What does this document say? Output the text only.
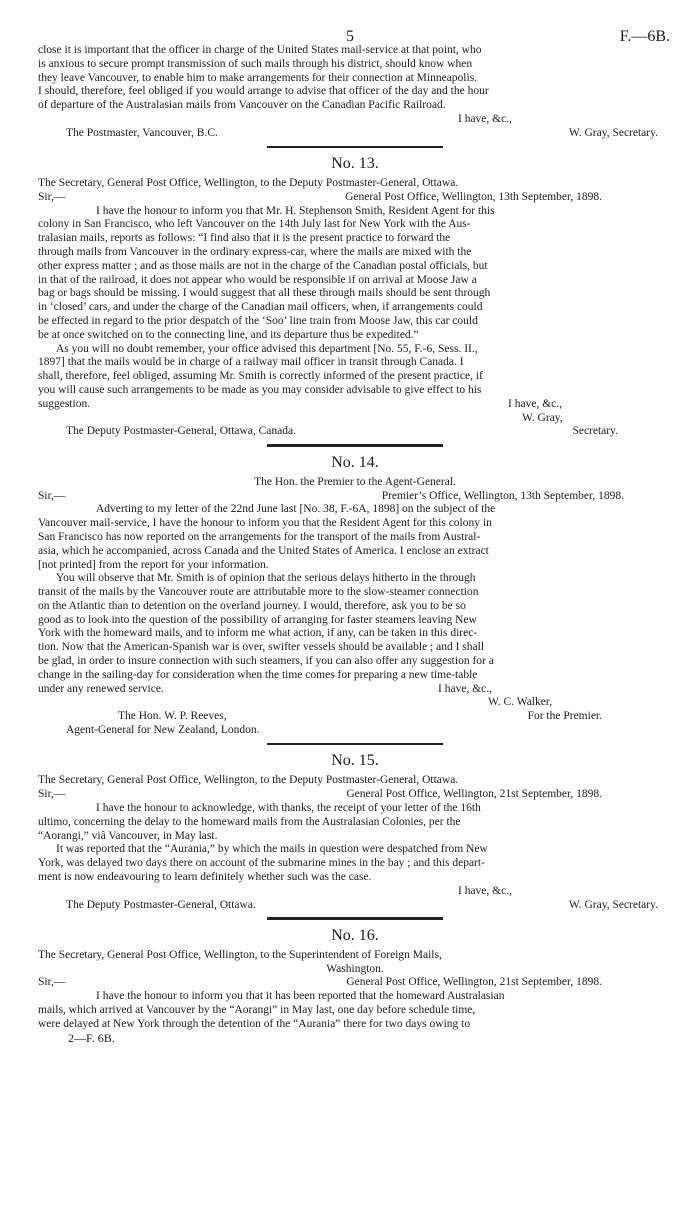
5	F.—6B.

close it is important that the officer in charge of the United States mail-service at that point, who

is anxious to secure prompt transmission of such mails through his district, should know when

they leave Vancouver, to enable him to make arrangements for their connection at Minneapolis.

I should, therefore, feel obliged if you would arrange to advise that officer of the day and the hour

of departure of the Australasian mails from Vancouver on the Canadian Pacific Railroad.

I have, &c.,
The Postmaster, Vancouver, B.C.	W. Gray, Secretary.
No. 13.

The Secretary, General Post Office, Wellington, to the Deputy Postmaster-General, Ottawa.

Sir,—	General Post Office, Wellington, 13th September, 1898.

I have the honour to inform you that Mr. H. Stephenson Smith, Resident Agent for this

colony in San Francisco, who left Vancouver on the 14th July last for New York with the Aus-

tralasian mails, reports as follows: “I find also that it is the present practice to forward the

through mails from Vancouver in the ordinary express-car, where the mails are mixed with the

other express matter ; and as those mails are not in the charge of the Canadian postal officials, but

in that of the railroad, it does not appear who would be responsible if on arrival at Moose Jaw a

bag or bags should be missing. I would suggest that all these through mails should be sent through

in ‘closed’ cars, and under the charge of the Canadian mail officers, when, if arrangements could

be effected in regard to the prior despatch of the ‘Soo’ line train from Moose Jaw, this car could

be at once switched on to the connecting line, and its departure thus be expedited.”

As you will no doubt remember, your office advised this department [No. 55, F.-6, Sess. II.,

1897] that the mails would be in charge of a railway mail officer in transit through Canada. I

shall, therefore, feel obliged, assuming Mr. Smith is correctly informed of the present practice, if

you will cause such arrangements to be made as you may consider advisable to give effect to his

suggestion.	I have, &c.,
W. Gray,
The Deputy Postmaster-General, Ottawa, Canada.	Secretary.
No. 14.
The Hon. the Premier to the Agent-General.
Sir,—	Premier’s Office, Wellington, 13th September, 1898.

Adverting to my letter of the 22nd June last [No. 38, F.-6A, 1898] on the subject of the

Vancouver mail-service, I have the honour to inform you that the Resident Agent for this colony in

San Francisco has now reported on the arrangements for the transport of the mails from Austral-

asia, which he accompanied, across Canada and the United States of America. I enclose an extract

[not printed] from the report for your information.

You will observe that Mr. Smith is of opinion that the serious delays hitherto in the through

transit of the mails by the Vancouver route are attributable more to the slow-steamer connection

on the Atlantic than to detention on the overland journey. I would, therefore, ask you to be so

good as to look into the question of the possibility of arranging for faster steamers leaving New

York with the homeward mails, and to inform me what action, if any, can be taken in this direc-

tion. Now that the American-Spanish war is over, swifter vessels should be available ; and I shall

be glad, in order to insure connection with such steamers, if you can also offer any suggestion for a

change in the sailing-day for consideration when the time comes for preparing a new time-table

under any renewed service.	I have, &c.,
W. C. Walker,
The Hon. W. P. Reeves,	For the Premier.
Agent-General for New Zealand, London.
No. 15.

The Secretary, General Post Office, Wellington, to the Deputy Postmaster-General, Ottawa.

Sir,—	General Post Office, Wellington, 21st September, 1898.

I have the honour to acknowledge, with thanks, the receipt of your letter of the 16th

ultimo, concerning the delay to the homeward mails from the Australasian Colonies, per the

“Aorangi,” viâ Vancouver, in May last.

It was reported that the “Aurania,” by which the mails in question were despatched from New

York, was delayed two days there on account of the submarine mines in the bay ; and this depart-

ment is now endeavouring to learn definitely whether such was the case.

I have, &c.,
The Deputy Postmaster-General, Ottawa.	W. Gray, Secretary.
No. 16.

The Secretary, General Post Office, Wellington, to the Superintendent of Foreign Mails,

Washington.
Sir,—	General Post Office, Wellington, 21st September, 1898.

I have the honour to inform you that it has been reported that the homeward Australasian

mails, which arrived at Vancouver by the “Aorangi” in May last, one day before schedule time,

were delayed at New York through the detention of the “Aurania” there for two days owing to

2—F. 6B.
